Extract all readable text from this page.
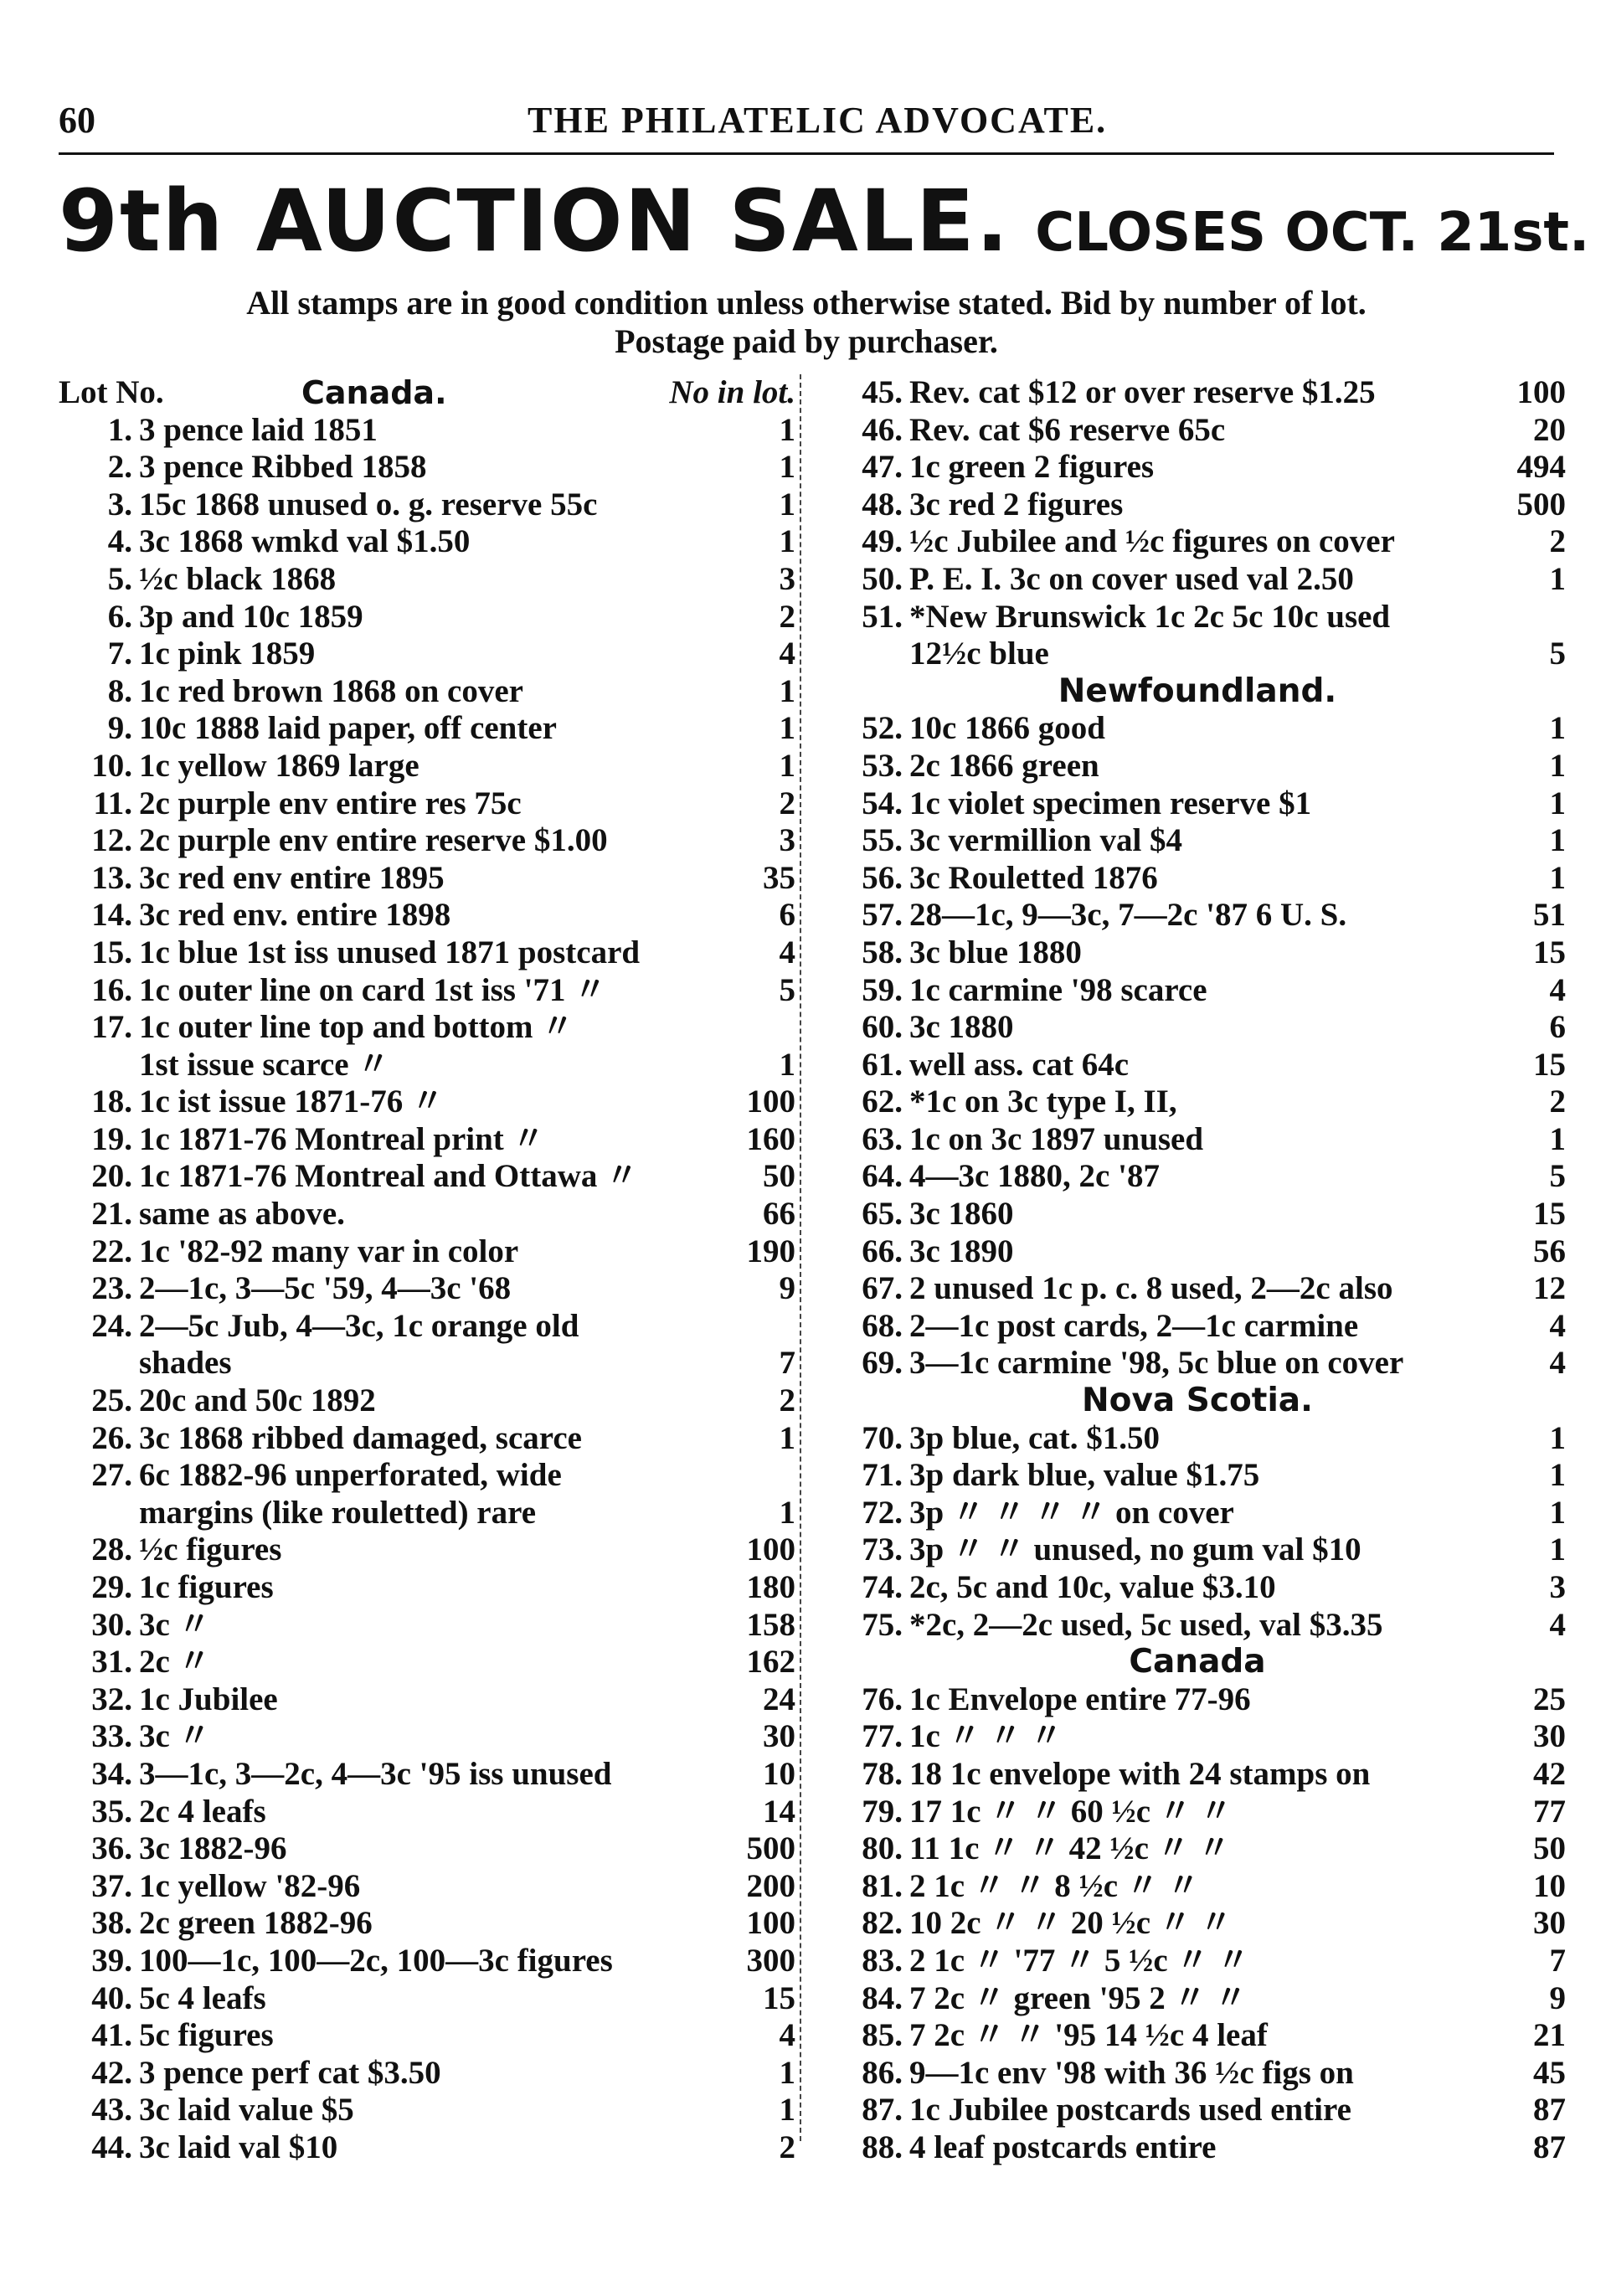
60	THE PHILATELIC ADVOCATE.
9th AUCTION SALE. CLOSES OCT. 21st.
All stamps are in good condition unless otherwise stated. Bid by number of lot.
Postage paid by purchaser.
Lot No.	Canada.	No in lot.
1. 3 pence laid 1851	1
2. 3 pence Ribbed 1858	1
3. 15c 1868 unused o. g. reserve 55c	1
4. 3c 1868 wmkd val $1.50	1
5. ½c black 1868	3
6. 3p and 10c 1859	2
7. 1c pink 1859	4
8. 1c red brown 1868 on cover	1
9. 10c 1888 laid paper, off center	1
10. 1c yellow 1869 large	1
11. 2c purple env entire res 75c	2
12. 2c purple env entire reserve $1.00	3
13. 3c red env entire 1895	35
14. 3c red env. entire 1898	6
15. 1c blue 1st iss unused 1871 postcard	4
16. 1c outer line on card 1st iss '71 〃	5
17. 1c outer line top and bottom 〃
1st issue scarce 〃	1
18. 1c ist issue 1871-76 〃	100
19. 1c 1871-76 Montreal print 〃	160
20. 1c 1871-76 Montreal and Ottawa 〃	50
21. same as above.	66
22. 1c '82-92 many var in color	190
23. 2—1c, 3—5c '59, 4—3c '68	9
24. 2—5c Jub, 4—3c, 1c orange old
shades	7
25. 20c and 50c 1892	2
26. 3c 1868 ribbed damaged, scarce	1
27. 6c 1882-96 unperforated, wide
margins (like rouletted) rare	1
28. ½c figures	100
29. 1c figures	180
30. 3c 〃	158
31. 2c 〃	162
32. 1c Jubilee	24
33. 3c 〃	30
34. 3—1c, 3—2c, 4—3c '95 iss unused	10
35. 2c 4 leafs	14
36. 3c 1882-96	500
37. 1c yellow '82-96	200
38. 2c green 1882-96	100
39. 100—1c, 100—2c, 100—3c figures	300
40. 5c 4 leafs	15
41. 5c figures	4
42. 3 pence perf cat $3.50	1
43. 3c laid value $5	1
44. 3c laid val $10	2
45. Rev. cat $12 or over reserve $1.25	100
46. Rev. cat $6 reserve 65c	20
47. 1c green 2 figures	494
48. 3c red 2 figures	500
49. ½c Jubilee and ½c figures on cover	2
50. P. E. I. 3c on cover used val 2.50	1
51. *New Brunswick 1c 2c 5c 10c used
12½c blue	5
Newfoundland.
52. 10c 1866 good	1
53. 2c 1866 green	1
54. 1c violet specimen reserve $1	1
55. 3c vermillion val $4	1
56. 3c Rouletted 1876	1
57. 28—1c, 9—3c, 7—2c '87 6 U. S.	51
58. 3c blue 1880	15
59. 1c carmine '98 scarce	4
60. 3c 1880	6
61. well ass. cat 64c	15
62. *1c on 3c type I, II,	2
63. 1c on 3c 1897 unused	1
64. 4—3c 1880, 2c '87	5
65. 3c 1860	15
66. 3c 1890	56
67. 2 unused 1c p. c. 8 used, 2—2c also	12
68. 2—1c post cards, 2—1c carmine	4
69. 3—1c carmine '98, 5c blue on cover	4
Nova Scotia.
70. 3p blue, cat. $1.50	1
71. 3p dark blue, value $1.75	1
72. 3p 〃 〃 〃 〃 on cover	1
73. 3p 〃 〃 unused, no gum val $10	1
74. 2c, 5c and 10c, value $3.10	3
75. *2c, 2—2c used, 5c used, val $3.35	4
Canada
76. 1c Envelope entire 77-96	25
77. 1c 〃 〃 〃	30
78. 18 1c envelope with 24 stamps on	42
79. 17 1c 〃 〃 60 ½c 〃 〃	77
80. 11 1c 〃 〃 42 ½c 〃 〃	50
81. 2 1c 〃 〃 8 ½c 〃 〃	10
82. 10 2c 〃 〃 20 ½c 〃 〃	30
83. 2 1c 〃 '77 〃 5 ½c 〃 〃	7
84. 7 2c 〃 green '95 2 〃 〃	9
85. 7 2c 〃 〃 '95 14 ½c 4 leaf	21
86. 9—1c env '98 with 36 ½c figs on	45
87. 1c Jubilee postcards used entire	87
88. 4 leaf postcards entire	87
